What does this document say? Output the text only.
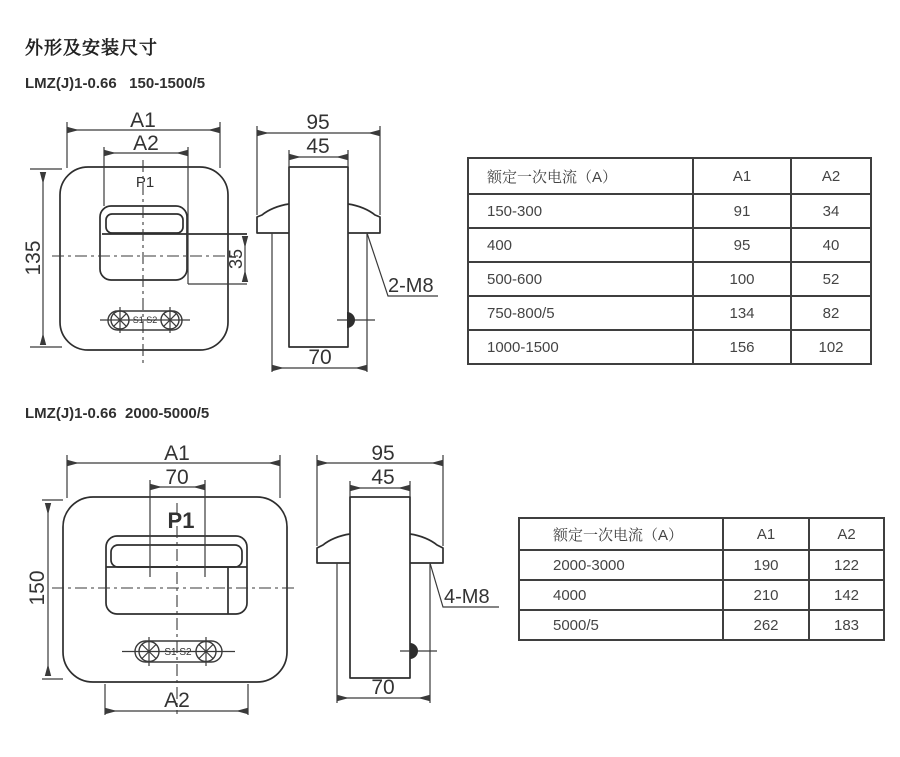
外形及安装尺寸
LMZ(J)1-0.66   150-1500/5
A1
A2
135	35
P1
S1 S2
95
45
2-M8
70
额定一次电流（A）	A1	A2
150-300	91	34
400	95	40
500-600	100	52
750-800/5	134	82
1000-1500	156	102
LMZ(J)1-0.66  2000-5000/5
A1
70
150
P1
S1 S2
A2
95
45
4-M8
70
额定一次电流（A）	A1	A2
2000-3000	190	122
4000	210	142
5000/5	262	183
